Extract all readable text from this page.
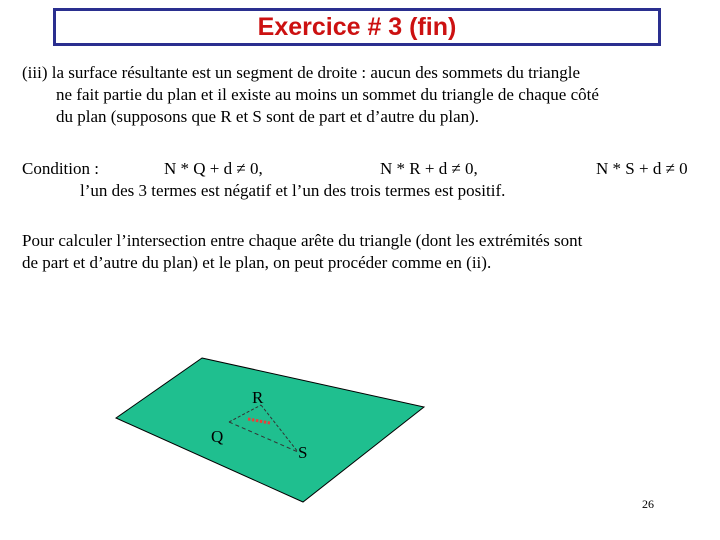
Exercice # 3 (fin)

(iii) la surface résultante est un segment de droite : aucun des sommets du triangle

ne fait partie du plan et il existe au moins un sommet du triangle de chaque côté

du plan (supposons que R et S sont de part et d’autre du plan).

Condition :	N * Q + d ≠ 0,	N * R + d ≠ 0,	N * S + d ≠ 0

l’un des 3 termes est négatif et l’un des trois termes est positif.

Pour calculer l’intersection entre chaque arête du triangle (dont les extrémités sont

de part et d’autre du plan) et le plan, on peut procéder comme en (ii).

R
Q
S
26
